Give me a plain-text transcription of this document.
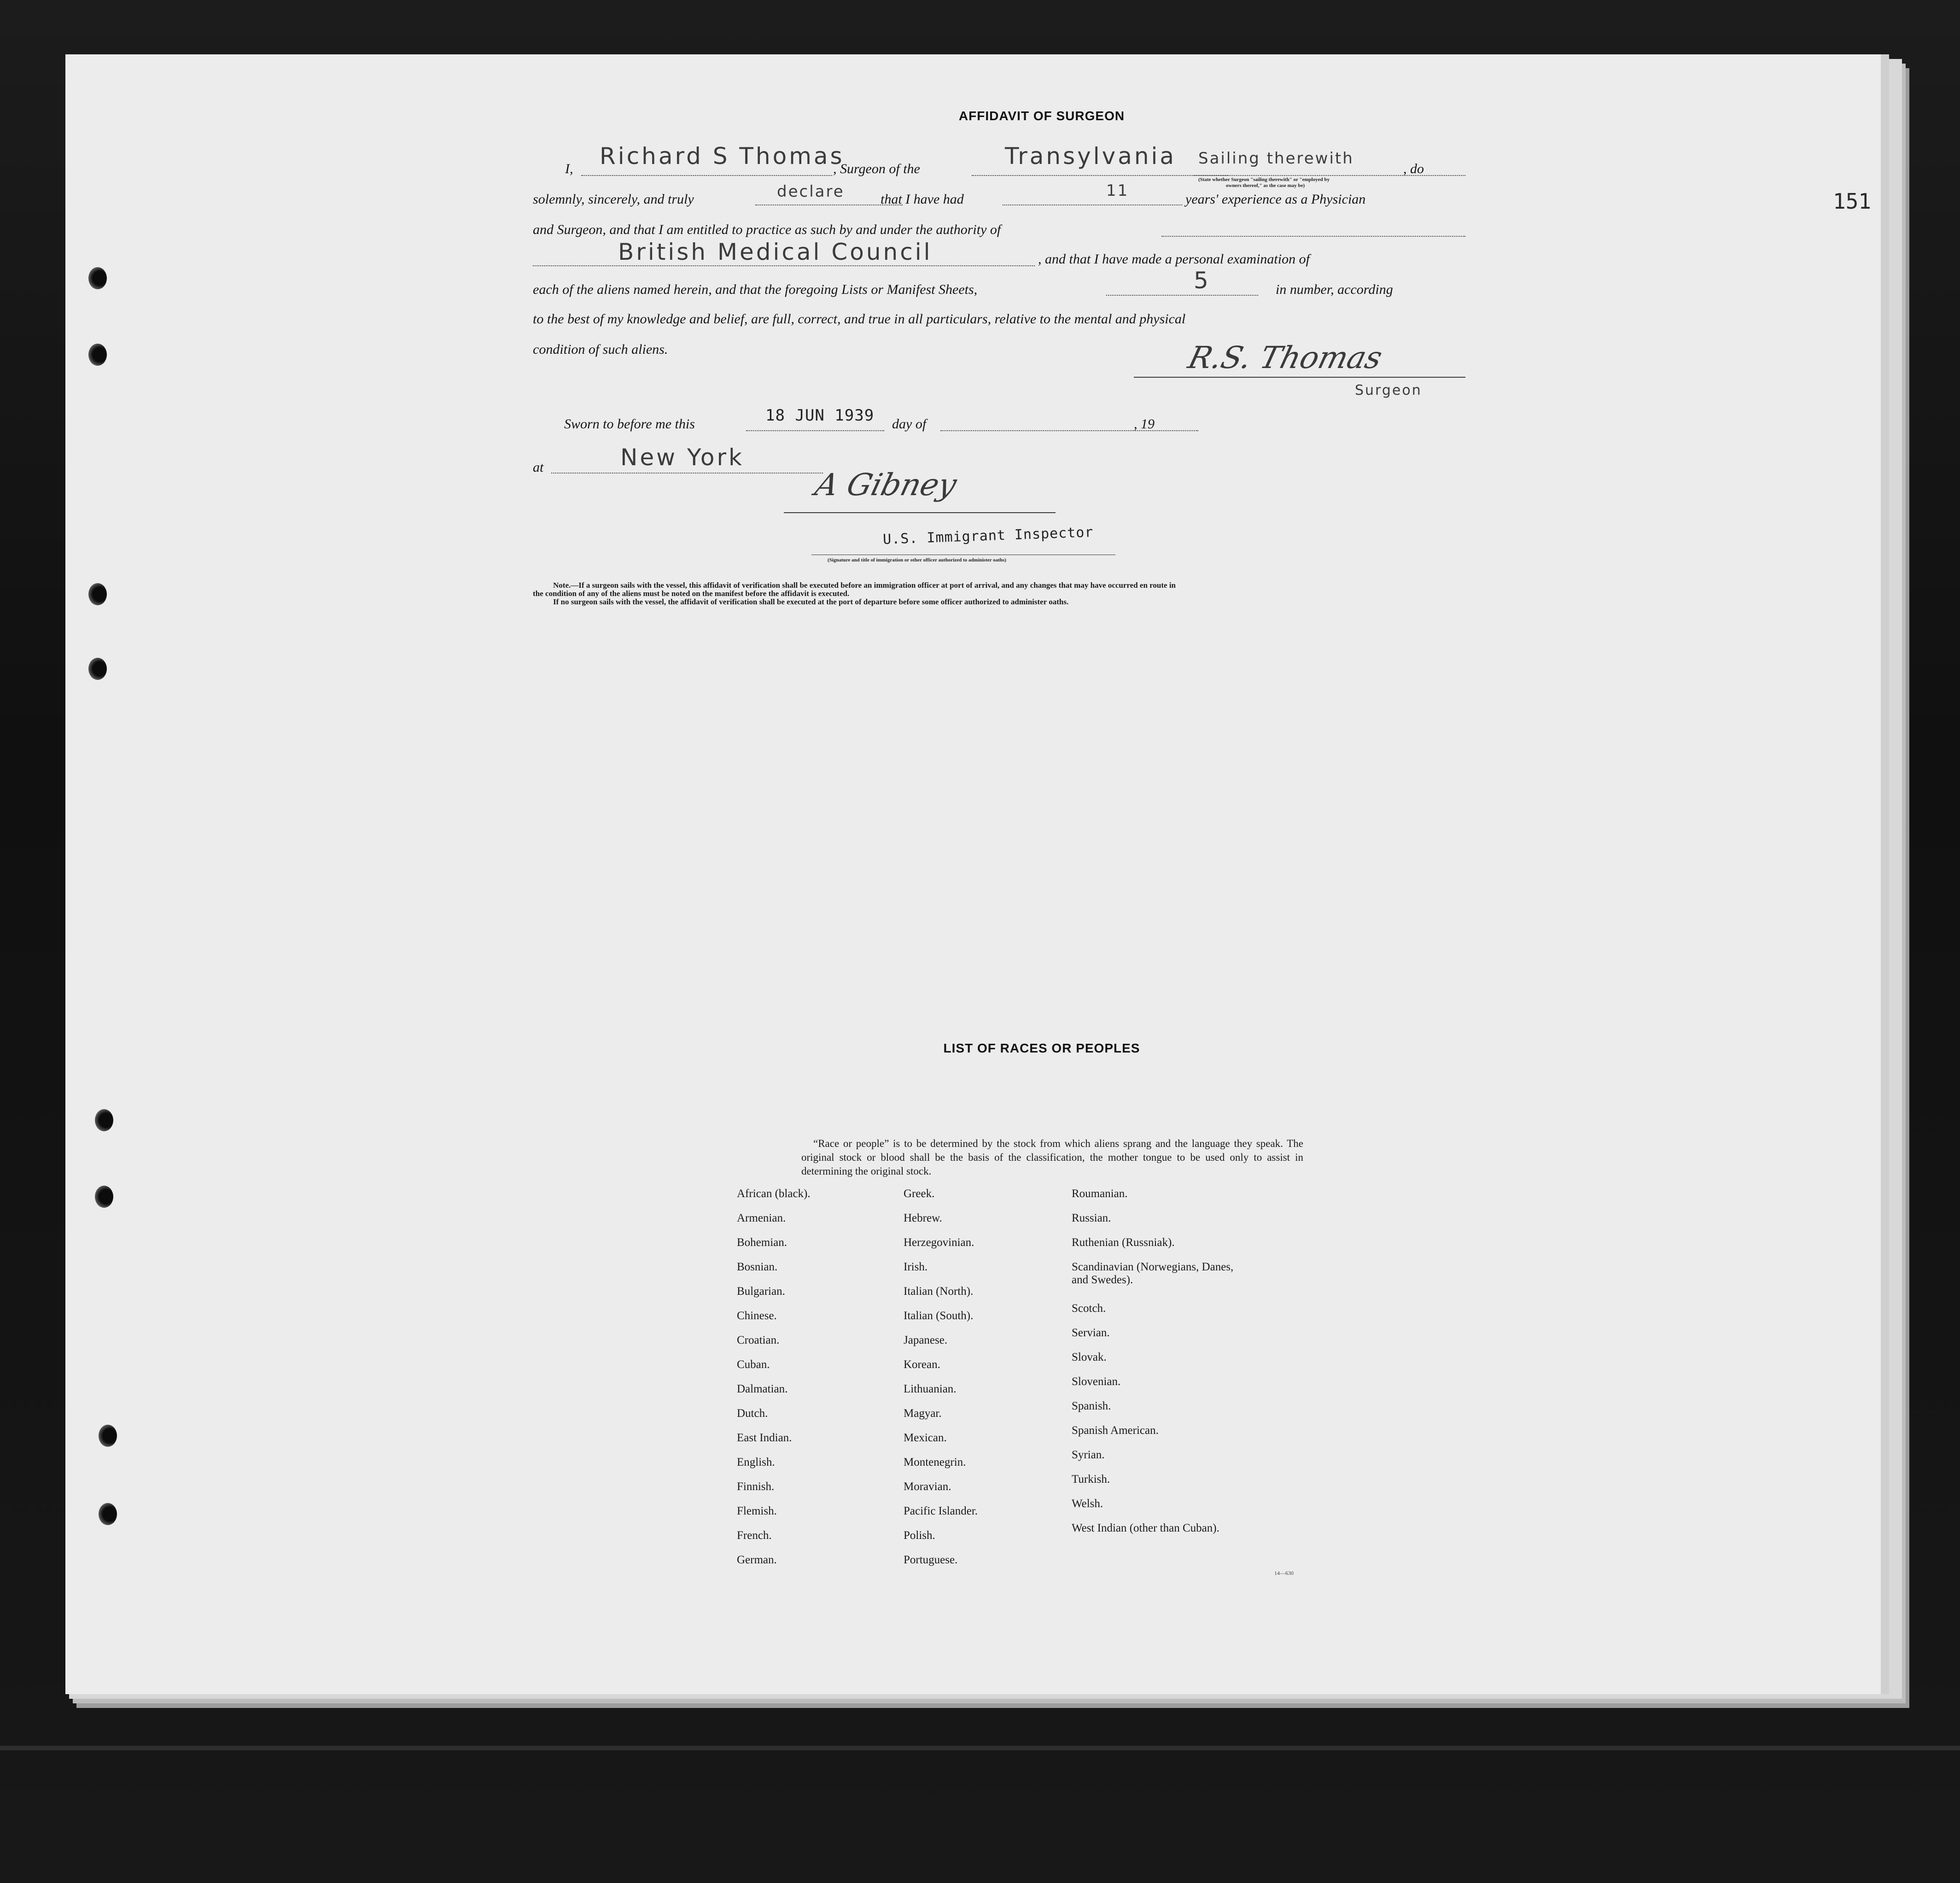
151
AFFIDAVIT OF SURGEON
I, Richard S Thomas
, Surgeon of the	Transylvania Sailing therewith
, do
(State whether Surgeon "sailing therewith" or "employed by
owners thereof," as the case may be)
solemnly, sincerely, and truly	declare	that I have had	11	years' experience as a Physician
and Surgeon, and that I am entitled to practice as such by and under the authority of
British Medical Council	, and that I have made a personal examination of
each of the aliens named herein, and that the foregoing Lists or Manifest Sheets,	5	in number, according
to the best of my knowledge and belief, are full, correct, and true in all particulars, relative to the mental and physical
condition of such aliens.	R.S. Thomas
Surgeon
Sworn to before me this	18 JUN 1939 day of	, 19
at	New York
A Gibney
U.S. Immigrant Inspector
(Signature and title of immigration or other officer authorized to administer oaths)

Note.—If a surgeon sails with the vessel, this affidavit of verification shall be executed before an immigration officer at port of arrival, and any changes that may have occurred en route in

the condition of any of the aliens must be noted on the manifest before the affidavit is executed.

If no surgeon sails with the vessel, the affidavit of verification shall be executed at the port of departure before some officer authorized to administer oaths.

LIST OF RACES OR PEOPLES
“Race or people” is to be determined by the stock from which aliens sprang and the language they speak. The original stock or blood shall be the basis of the classification, the mother tongue to be used only to assist in determining the original stock.
African (black).
Armenian.
Bohemian.
Bosnian.
Bulgarian.
Chinese.
Croatian.
Cuban.
Dalmatian.
Dutch.
East Indian.
English.
Finnish.
Flemish.
French.
German.
Greek.
Hebrew.
Herzegovinian.
Irish.
Italian (North).
Italian (South).
Japanese.
Korean.
Lithuanian.
Magyar.
Mexican.
Montenegrin.
Moravian.
Pacific Islander.
Polish.
Portuguese.
Roumanian.
Russian.
Ruthenian (Russniak).
Scandinavian (Norwegians, Danes, and Swedes).
Scotch.
Servian.
Slovak.
Slovenian.
Spanish.
Spanish American.
Syrian.
Turkish.
Welsh.
West Indian (other than Cuban).
14—630
